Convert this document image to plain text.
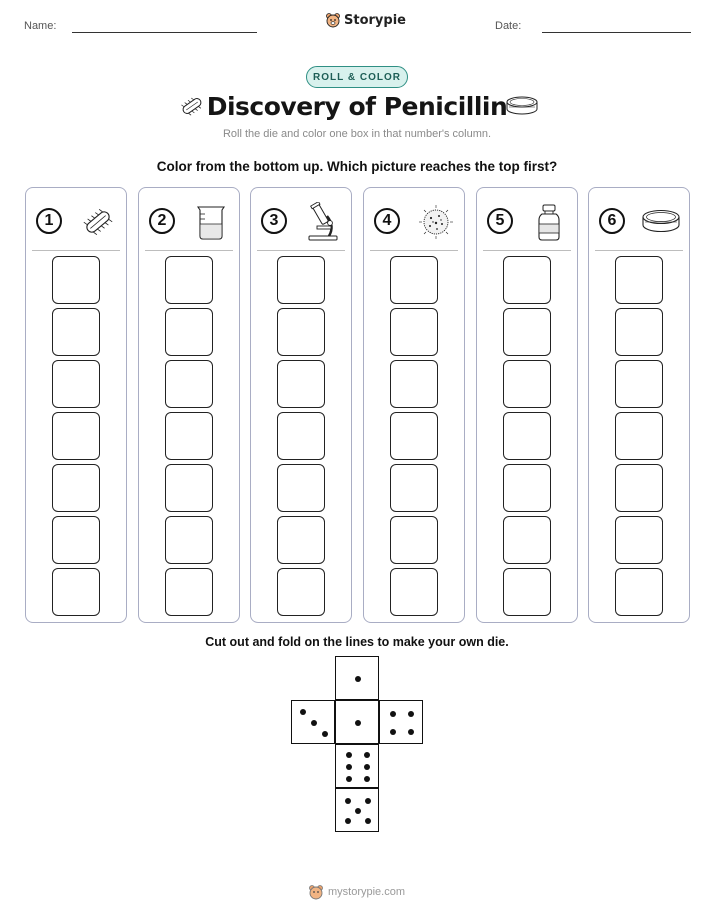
Name:	Storypie	Date:
ROLL & COLOR
Discovery of Penicillin
Roll the die and color one box in that number's column.
Color from the bottom up. Which picture reaches the top first?
1	2	3	4	5	6
Cut out and fold on the lines to make your own die.
mystorypie.com
